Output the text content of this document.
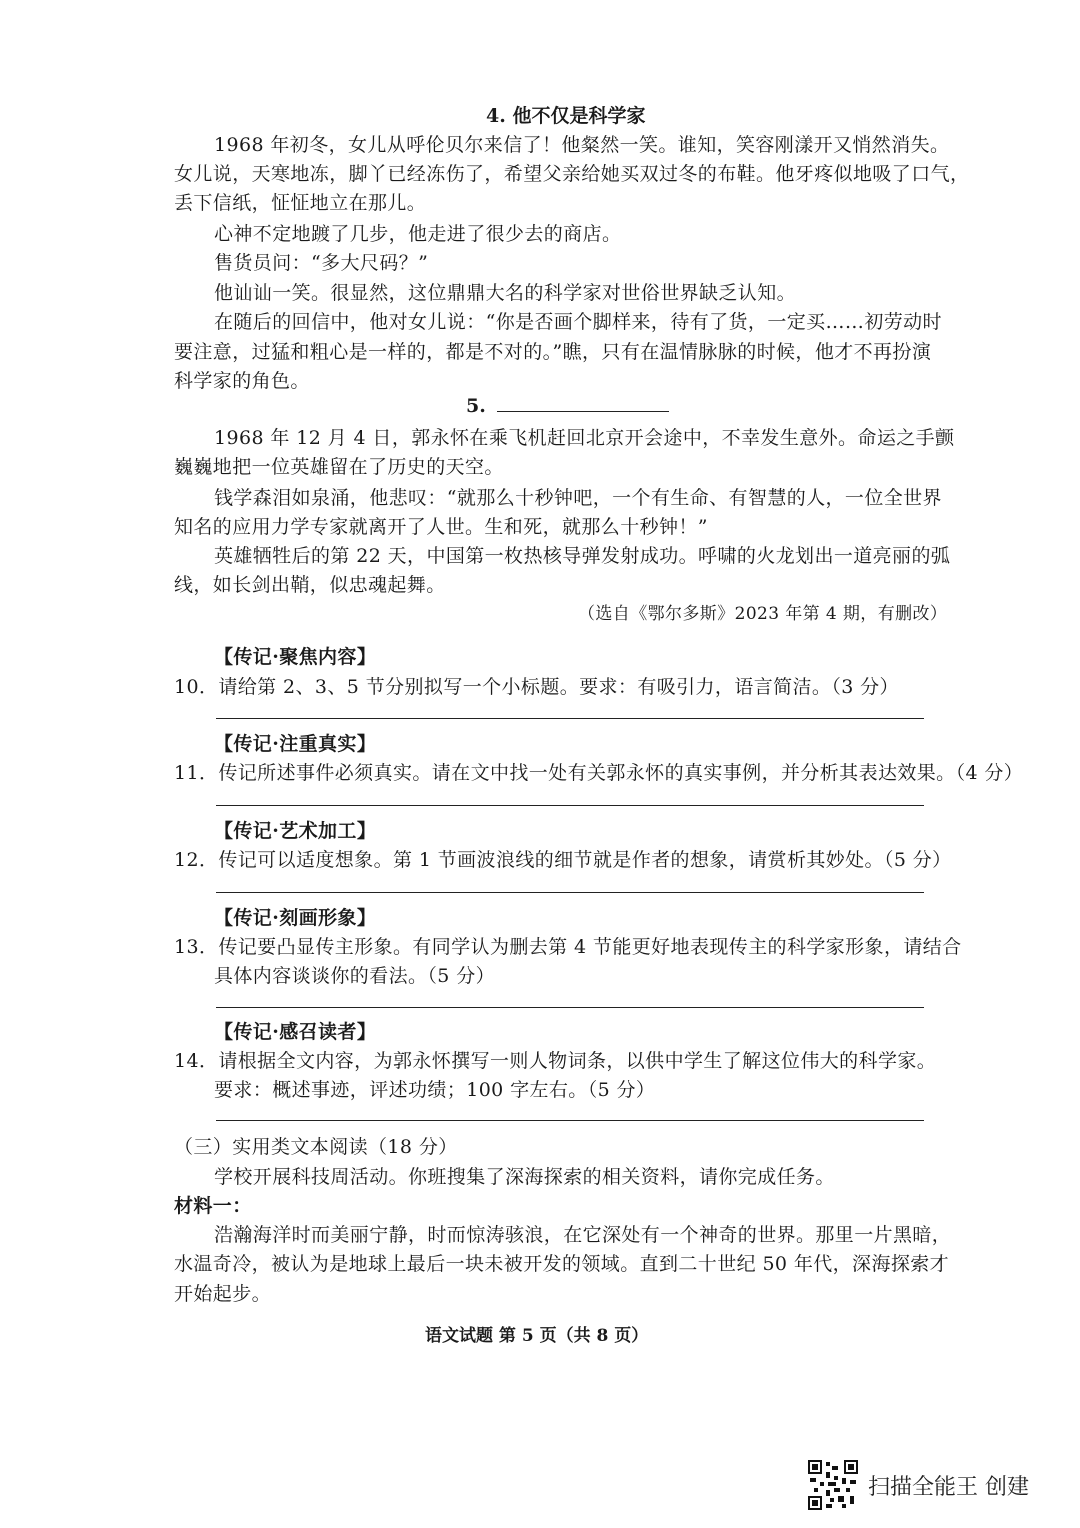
4. 他不仅是科学家
1968 年初冬，女儿从呼伦贝尔来信了！他粲然一笑。谁知，笑容刚漾开又悄然消失。
女儿说，天寒地冻，脚丫已经冻伤了，希望父亲给她买双过冬的布鞋。他牙疼似地吸了口气，
丢下信纸，怔怔地立在那儿。
心神不定地踱了几步，他走进了很少去的商店。
售货员问：“多大尺码？”
他讪讪一笑。很显然，这位鼎鼎大名的科学家对世俗世界缺乏认知。
在随后的回信中，他对女儿说：“你是否画个脚样来，待有了货，一定买……初劳动时
要注意，过猛和粗心是一样的，都是不对的。”瞧，只有在温情脉脉的时候，他才不再扮演
科学家的角色。
5.
1968 年 12 月 4 日，郭永怀在乘飞机赶回北京开会途中，不幸发生意外。命运之手颤
巍巍地把一位英雄留在了历史的天空。
钱学森泪如泉涌，他悲叹：“就那么十秒钟吧，一个有生命、有智慧的人，一位全世界
知名的应用力学专家就离开了人世。生和死，就那么十秒钟！”
英雄牺牲后的第 22 天，中国第一枚热核导弹发射成功。呼啸的火龙划出一道亮丽的弧
线，如长剑出鞘，似忠魂起舞。
（选自《鄂尔多斯》2023 年第 4 期，有删改）
【传记·聚焦内容】
10．请给第 2、3、5 节分别拟写一个小标题。要求：有吸引力，语言简洁。（3 分）
【传记·注重真实】
11．传记所述事件必须真实。请在文中找一处有关郭永怀的真实事例，并分析其表达效果。（4 分）
【传记·艺术加工】
12．传记可以适度想象。第 1 节画波浪线的细节就是作者的想象，请赏析其妙处。（5 分）
【传记·刻画形象】
13．传记要凸显传主形象。有同学认为删去第 4 节能更好地表现传主的科学家形象，请结合
具体内容谈谈你的看法。（5 分）
【传记·感召读者】
14．请根据全文内容，为郭永怀撰写一则人物词条，以供中学生了解这位伟大的科学家。
要求：概述事迹，评述功绩；100 字左右。（5 分）
（三）实用类文本阅读（18 分）
学校开展科技周活动。你班搜集了深海探索的相关资料，请你完成任务。
材料一：
浩瀚海洋时而美丽宁静，时而惊涛骇浪，在它深处有一个神奇的世界。那里一片黑暗，
水温奇冷，被认为是地球上最后一块未被开发的领域。直到二十世纪 50 年代，深海探索才
开始起步。
语文试题 第 5 页（共 8 页）
扫描全能王 创建
